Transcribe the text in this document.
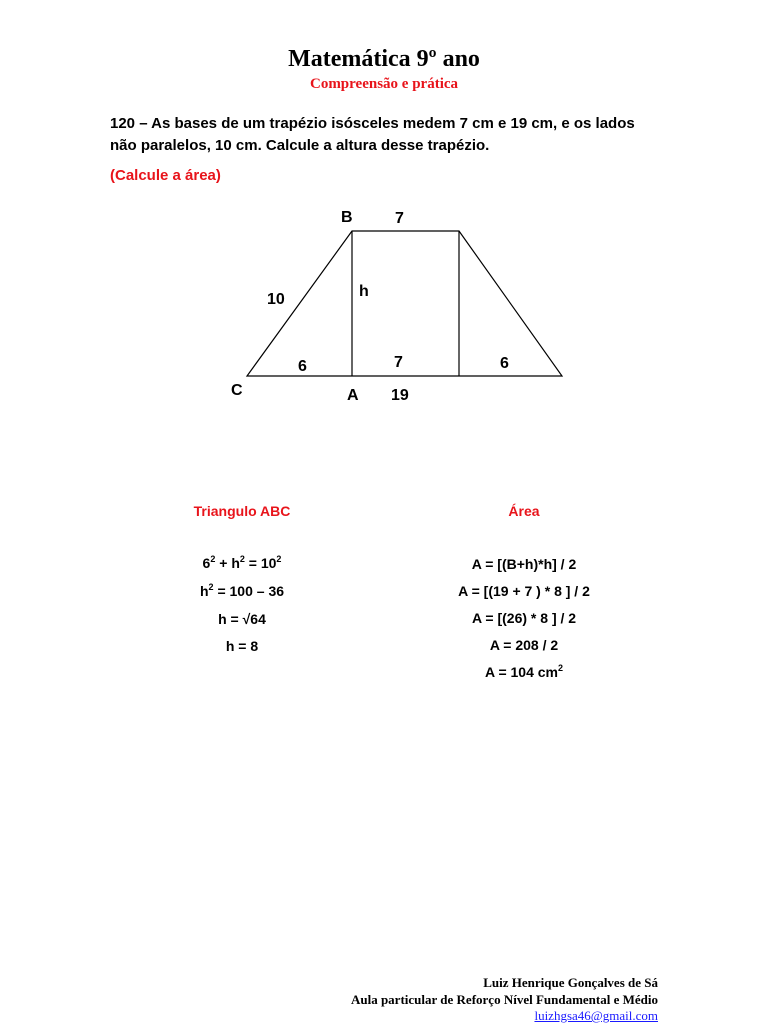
Matemática 9º ano
Compreensão e prática
120 – As bases de um trapézio isósceles medem 7 cm e 19 cm, e os lados
não paralelos, 10 cm. Calcule a altura desse trapézio.
(Calcule a área)
B	7
10	h
6	7	6
C	A 19
Triangulo ABC
$6^2 + h^2 = 10^2$
$h^2 = 100 - 36$
h = √64
h = 8
Área
A = [(B+h)*h] / 2
A = [(19 + 7 ) * 8 ] / 2
A = [(26) * 8 ] / 2
A = 208 / 2
A = 104 $cm^2$
Luiz Henrique Gonçalves de Sá
Aula particular de Reforço Nível Fundamental e Médio
luizhgsa46@gmail.com
